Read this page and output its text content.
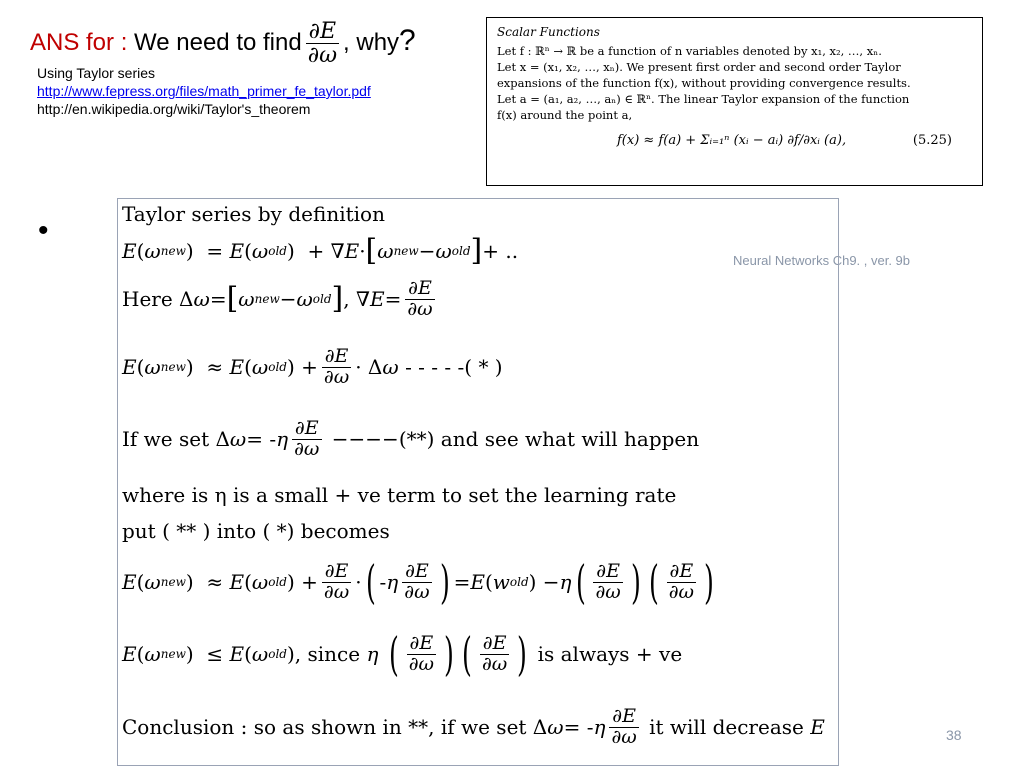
ANS for : We need to find $\frac{\partial E}{\partial\omega}$ , why?
Using Taylor series
http://www.fepress.org/files/math_primer_fe_taylor.pdf
http://en.wikipedia.org/wiki/Taylor's_theorem
Scalar Functions
Let f : ℝⁿ → ℝ be a function of n variables denoted by x₁, x₂, …, xₙ.
Let x = (x₁, x₂, …, xₙ). We present first order and second order Taylor
expansions of the function f(x), without providing convergence results.
Let a = (a₁, a₂, …, aₙ) ∈ ℝⁿ. The linear Taylor expansion of the function
f(x) around the point a,
f(x) ≈ f(a) + Σᵢ₌₁ⁿ (xᵢ − aᵢ) ∂f/∂xᵢ (a),	(5.25)
•
Neural Networks Ch9. , ver. 9b
38
Taylor series by definition
E ( ω new )  = E ( ω old )  + ∇ E · [ ω new − ω old ] + ..
Here Δ ω = [ ω new − ω old ] , ∇ $E = \frac{\partial E}{\partial\omega}$
E ( ω new )  ≈ E ( ω old ) + $\frac{\partial E}{\partial\omega} \cdot \Delta$ ω
- - - - -( * )
If we set Δ ω = - η $\frac{\partial E}{\partial\omega}$
−−−− (**) and see what will happen
where is η is a small + ve term to set the learning rate
put ( ** ) into ( *) becomes
E ( ω new )  ≈ E ( ω old ) + $\frac{\partial E}{\partial\omega}$ · ( - η $\frac{\partial E}{\partial\omega}$ ) = E ( w old ) − η ( $\frac{\partial E}{\partial\omega}$ ) ( $\frac{\partial E}{\partial\omega}$ )
E ( ω new )  ≤ E ( ω old ) , since
η
( $\frac{\partial E}{\partial\omega}$ ) ( $\frac{\partial E}{\partial\omega}$ )
is always + ve
Conclusion : so as shown in **, if we set Δ ω = - η $\frac{\partial E}{\partial\omega}$
it will decrease
E
